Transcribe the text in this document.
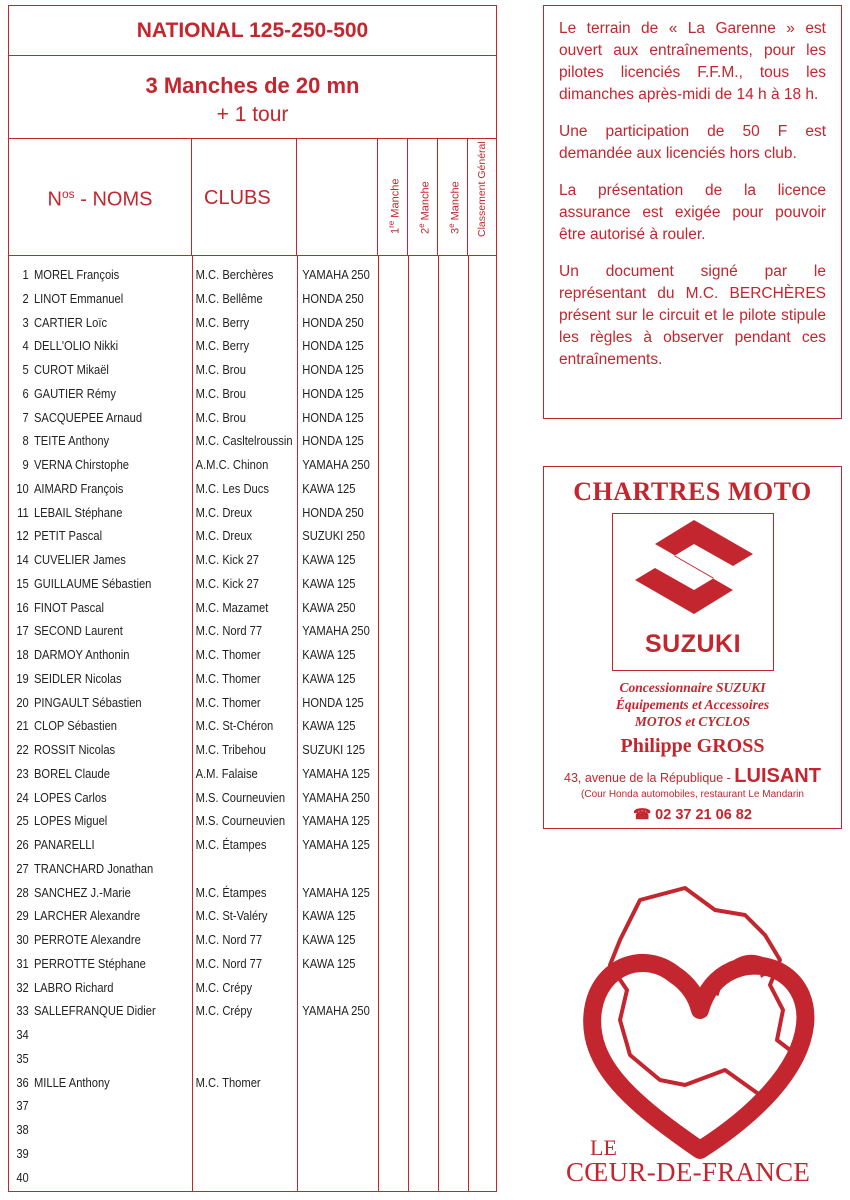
NATIONAL 125-250-500
3 Manches de 20 mn
+ 1 tour
$N^{os}$ - NOMS	CLUBS
1re Manche
2e Manche
3e Manche Classement Général
1 MOREL François	M.C. Berchères YAMAHA 250
2 LINOT Emmanuel	M.C. Bellême	HONDA 250
3 CARTIER Loïc	M.C. Berry	HONDA 250
4 DELL'OLIO Nikki	M.C. Berry	HONDA 125
5 CUROT Mikaël	M.C. Brou	HONDA 125
6 GAUTIER Rémy	M.C. Brou	HONDA 125
7 SACQUEPEE Arnaud	M.C. Brou	HONDA 125
8 TEITE Anthony	M.C. Casltelroussin HONDA 125
9 VERNA Chirstophe	A.M.C. Chinon	YAMAHA 250
10 AIMARD François	M.C. Les Ducs	KAWA 125
11 LEBAIL Stéphane	M.C. Dreux	HONDA 250
12 PETIT Pascal	M.C. Dreux	SUZUKI 250
14 CUVELIER James	M.C. Kick 27	KAWA 125
15 GUILLAUME Sébastien	M.C. Kick 27	KAWA 125
16 FINOT Pascal	M.C. Mazamet	KAWA 250
17 SECOND Laurent	M.C. Nord 77	YAMAHA 250
18 DARMOY Anthonin	M.C. Thomer	KAWA 125
19 SEIDLER Nicolas	M.C. Thomer	KAWA 125
20 PINGAULT Sébastien	M.C. Thomer	HONDA 125
21 CLOP Sébastien	M.C. St-Chéron KAWA 125
22 ROSSIT Nicolas	M.C. Tribehou	SUZUKI 125
23 BOREL Claude	A.M. Falaise	YAMAHA 125
24 LOPES Carlos	M.S. Courneuvien YAMAHA 250
25 LOPES Miguel	M.S. Courneuvien YAMAHA 125
26 PANARELLI	M.C. Étampes	YAMAHA 125
27 TRANCHARD Jonathan
28 SANCHEZ J.-Marie	M.C. Étampes	YAMAHA 125
29 LARCHER Alexandre	M.C. St-Valéry	KAWA 125
30 PERROTE Alexandre	M.C. Nord 77	KAWA 125
31 PERROTTE Stéphane	M.C. Nord 77	KAWA 125
32 LABRO Richard	M.C. Crépy
33 SALLEFRANQUE Didier	M.C. Crépy	YAMAHA 250
34
35
36 MILLE Anthony	M.C. Thomer
37
38
39
40

Le terrain de « La Garenne » est ouvert aux entraînements, pour les pilotes licenciés F.F.M., tous les dimanches après-midi de 14 h à 18 h.

Une participation de 50 F est demandée aux licenciés hors club.

La présentation de la licence assurance est exigée pour pouvoir être autorisé à rouler.

Un document signé par le représentant du M.C. BERCHÈRES présent sur le circuit et le pilote stipule les règles à observer pendant ces entraînements.

CHARTRES MOTO
SUZUKI
Concessionnaire SUZUKI
Équipements et Accessoires
MOTOS et CYCLOS
Philippe GROSS
43, avenue de la République - LUISANT
(Cour Honda automobiles, restaurant Le Mandarin
☎ 02 37 21 06 82
LE
CŒUR-DE-FRANCE
